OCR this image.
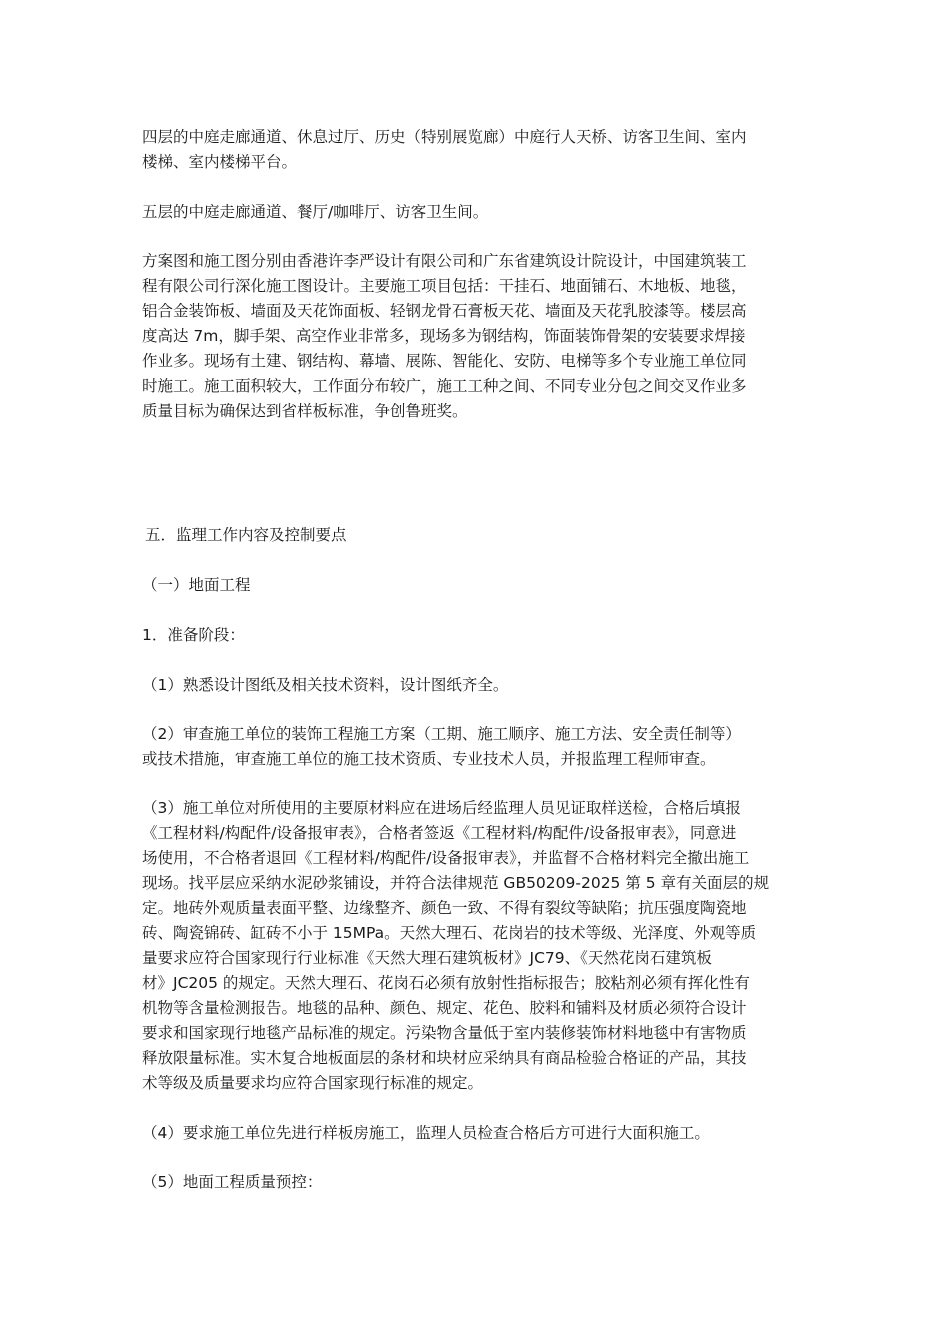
四层的中庭走廊通道、休息过厅、历史（特别展览廊）中庭行人天桥、访客卫生间、室内
楼梯、室内楼梯平台。

五层的中庭走廊通道、餐厅/咖啡厅、访客卫生间。

方案图和施工图分别由香港许李严设计有限公司和广东省建筑设计院设计，中国建筑装工
程有限公司行深化施工图设计。主要施工项目包括：干挂石、地面铺石、木地板、地毯，
铝合金装饰板、墙面及天花饰面板、轻钢龙骨石膏板天花、墙面及天花乳胶漆等。楼层高
度高达 7m，脚手架、高空作业非常多，现场多为钢结构，饰面装饰骨架的安装要求焊接
作业多。现场有土建、钢结构、幕墙、展陈、智能化、安防、电梯等多个专业施工单位同
时施工。施工面积较大，工作面分布较广，施工工种之间、不同专业分包之间交叉作业多
质量目标为确保达到省样板标准，争创鲁班奖。

五．监理工作内容及控制要点

（一）地面工程

1．准备阶段：

（1）熟悉设计图纸及相关技术资料，设计图纸齐全。

（2）审查施工单位的装饰工程施工方案（工期、施工顺序、施工方法、安全责任制等）
或技术措施，审查施工单位的施工技术资质、专业技术人员，并报监理工程师审查。

（3）施工单位对所使用的主要原材料应在进场后经监理人员见证取样送检，合格后填报
《工程材料/构配件/设备报审表》，合格者签返《工程材料/构配件/设备报审表》，同意进
场使用，不合格者退回《工程材料/构配件/设备报审表》，并监督不合格材料完全撤出施工
现场。找平层应采纳水泥砂浆铺设，并符合法律规范 GB50209-2025 第 5 章有关面层的规
定。地砖外观质量表面平整、边缘整齐、颜色一致、不得有裂纹等缺陷；抗压强度陶瓷地
砖、陶瓷锦砖、缸砖不小于 15MPa。天然大理石、花岗岩的技术等级、光泽度、外观等质
量要求应符合国家现行行业标准《天然大理石建筑板材》JC79、《天然花岗石建筑板
材》JC205 的规定。天然大理石、花岗石必须有放射性指标报告；胶粘剂必须有挥化性有
机物等含量检测报告。地毯的品种、颜色、规定、花色、胶料和铺料及材质必须符合设计
要求和国家现行地毯产品标准的规定。污染物含量低于室内装修装饰材料地毯中有害物质
释放限量标准。实木复合地板面层的条材和块材应采纳具有商品检验合格证的产品，其技
术等级及质量要求均应符合国家现行标准的规定。

（4）要求施工单位先进行样板房施工，监理人员检查合格后方可进行大面积施工。

（5）地面工程质量预控：
